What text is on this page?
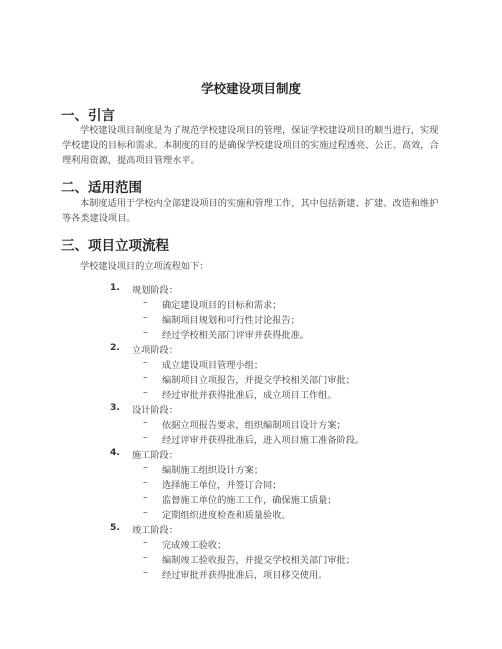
学校建设项目制度
一、引言

学校建设项目制度是为了规范学校建设项目的管理，保证学校建设项目的顺当进行，实现学校建设的目标和需求。本制度的目的是确保学校建设项目的实施过程透亮、公正、高效，合理利用资源，提高项目管理水平。

二、适用范围

本制度适用于学校内全部建设项目的实施和管理工作，其中包括新建、扩建、改造和维护等各类建设项目。

三、项目立项流程
学校建设项目的立项流程如下：
1. 规划阶段：
– 确定建设项目的目标和需求；
– 编制项目规划和可行性讨论报告；
– 经过学校相关部门评审并获得批准。
2. 立项阶段：
– 成立建设项目管理小组；
– 编制项目立项报告，并提交学校相关部门审批；
– 经过审批并获得批准后，成立项目工作组。
3. 设计阶段：
– 依据立项报告要求，组织编制项目设计方案；
– 经过评审并获得批准后，进入项目施工准备阶段。
4. 施工阶段：
– 编制施工组织设计方案；
– 选择施工单位，并签订合同；
– 监督施工单位的施工工作，确保施工质量；
– 定期组织进度检查和质量验收。
5. 竣工阶段：
– 完成竣工验收；
– 编制竣工验收报告，并提交学校相关部门审批；
– 经过审批并获得批准后，项目移交使用。
